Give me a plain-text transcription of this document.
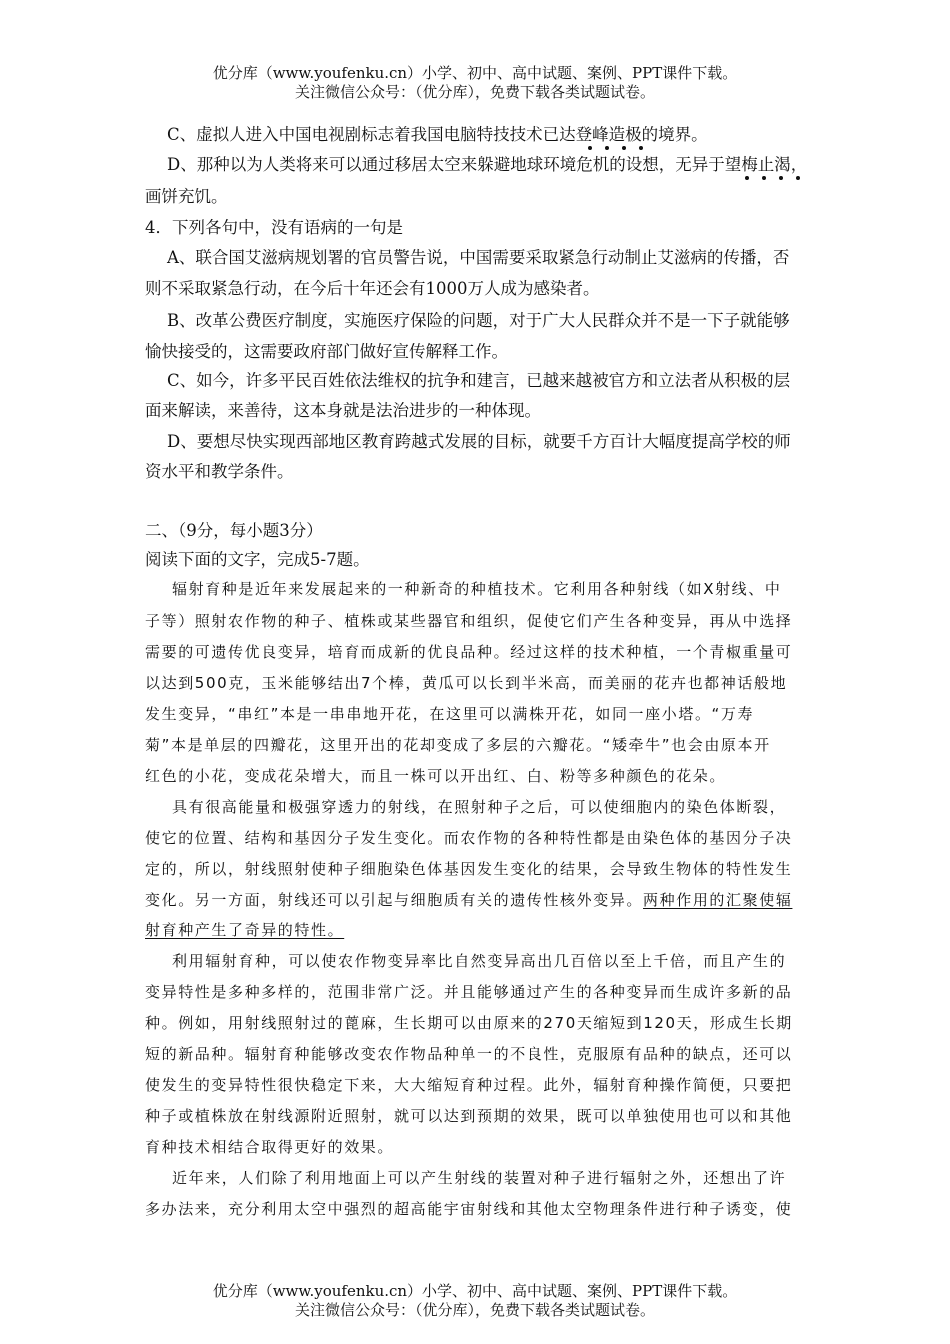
优分库（www.youfenku.cn）小学、初中、高中试题、案例、PPT课件下载。
关注微信公众号：（优分库），免费下载各类试题试卷。
C、虚拟人进入中国电视剧标志着我国电脑特技技术已达登峰造极的境界。
D、那种以为人类将来可以通过移居太空来躲避地球环境危机的设想，无异于望梅止渴，
画饼充饥。
4．下列各句中，没有语病的一句是
A、联合国艾滋病规划署的官员警告说，中国需要采取紧急行动制止艾滋病的传播，否
则不采取紧急行动，在今后十年还会有1000万人成为感染者。
B、改革公费医疗制度，实施医疗保险的问题，对于广大人民群众并不是一下子就能够
愉快接受的，这需要政府部门做好宣传解释工作。
C、如今，许多平民百姓依法维权的抗争和建言，已越来越被官方和立法者从积极的层
面来解读，来善待，这本身就是法治进步的一种体现。
D、要想尽快实现西部地区教育跨越式发展的目标，就要千方百计大幅度提高学校的师
资水平和教学条件。
二、（9分，每小题3分）
阅读下面的文字，完成5-7题。
辐射育种是近年来发展起来的一种新奇的种植技术。它利用各种射线（如X射线、中
子等）照射农作物的种子、植株或某些器官和组织，促使它们产生各种变异，再从中选择
需要的可遗传优良变异，培育而成新的优良品种。经过这样的技术种植，一个青椒重量可
以达到500克，玉米能够结出7个棒，黄瓜可以长到半米高，而美丽的花卉也都神话般地
发生变异，“串红”本是一串串地开花，在这里可以满株开花，如同一座小塔。“万寿
菊”本是单层的四瓣花，这里开出的花却变成了多层的六瓣花。“矮牵牛”也会由原本开
红色的小花，变成花朵增大，而且一株可以开出红、白、粉等多种颜色的花朵。
具有很高能量和极强穿透力的射线，在照射种子之后，可以使细胞内的染色体断裂，
使它的位置、结构和基因分子发生变化。而农作物的各种特性都是由染色体的基因分子决
定的，所以，射线照射使种子细胞染色体基因发生变化的结果，会导致生物体的特性发生
变化。另一方面，射线还可以引起与细胞质有关的遗传性核外变异。两种作用的汇聚使辐
射育种产生了奇异的特性。
利用辐射育种，可以使农作物变异率比自然变异高出几百倍以至上千倍，而且产生的
变异特性是多种多样的，范围非常广泛。并且能够通过产生的各种变异而生成许多新的品
种。例如，用射线照射过的蓖麻，生长期可以由原来的270天缩短到120天，形成生长期
短的新品种。辐射育种能够改变农作物品种单一的不良性，克服原有品种的缺点，还可以
使发生的变异特性很快稳定下来，大大缩短育种过程。此外，辐射育种操作简便，只要把
种子或植株放在射线源附近照射，就可以达到预期的效果，既可以单独使用也可以和其他
育种技术相结合取得更好的效果。
近年来，人们除了利用地面上可以产生射线的装置对种子进行辐射之外，还想出了许
多办法来，充分利用太空中强烈的超高能宇宙射线和其他太空物理条件进行种子诱变，使
优分库（www.youfenku.cn）小学、初中、高中试题、案例、PPT课件下载。
关注微信公众号：（优分库），免费下载各类试题试卷。
